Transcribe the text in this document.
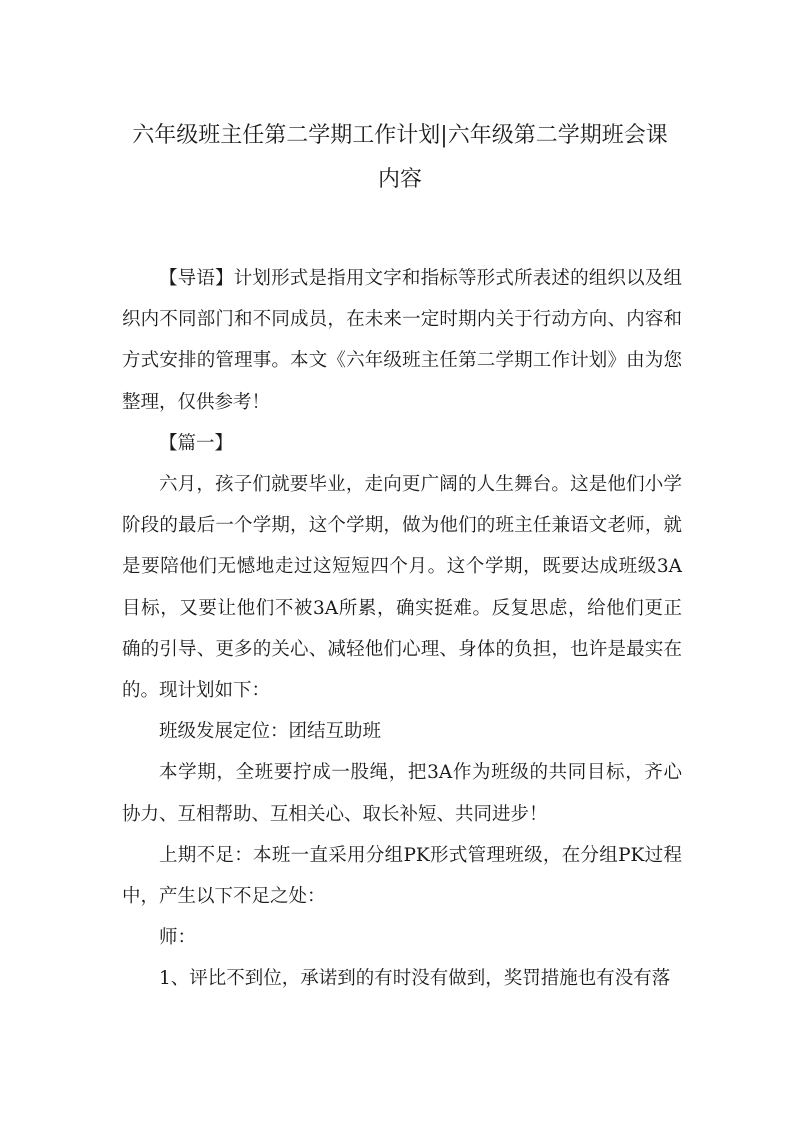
六年级班主任第二学期工作计划|六年级第二学期班会课内容

【导语】计划形式是指用文字和指标等形式所表述的组织以及组织内不同部门和不同成员，在未来一定时期内关于行动方向、内容和方式安排的管理事。本文《六年级班主任第二学期工作计划》由为您整理，仅供参考！

【篇一】

六月，孩子们就要毕业，走向更广阔的人生舞台。这是他们小学阶段的最后一个学期，这个学期，做为他们的班主任兼语文老师，就是要陪他们无憾地走过这短短四个月。这个学期，既要达成班级3A目标，又要让他们不被3A所累，确实挺难。反复思虑，给他们更正确的引导、更多的关心、减轻他们心理、身体的负担，也许是最实在的。现计划如下：

班级发展定位：团结互助班

本学期，全班要拧成一股绳，把3A作为班级的共同目标，齐心协力、互相帮助、互相关心、取长补短、共同进步！

上期不足：本班一直采用分组PK形式管理班级，在分组PK过程中，产生以下不足之处：

师：

1、评比不到位，承诺到的有时没有做到，奖罚措施也有没有落
